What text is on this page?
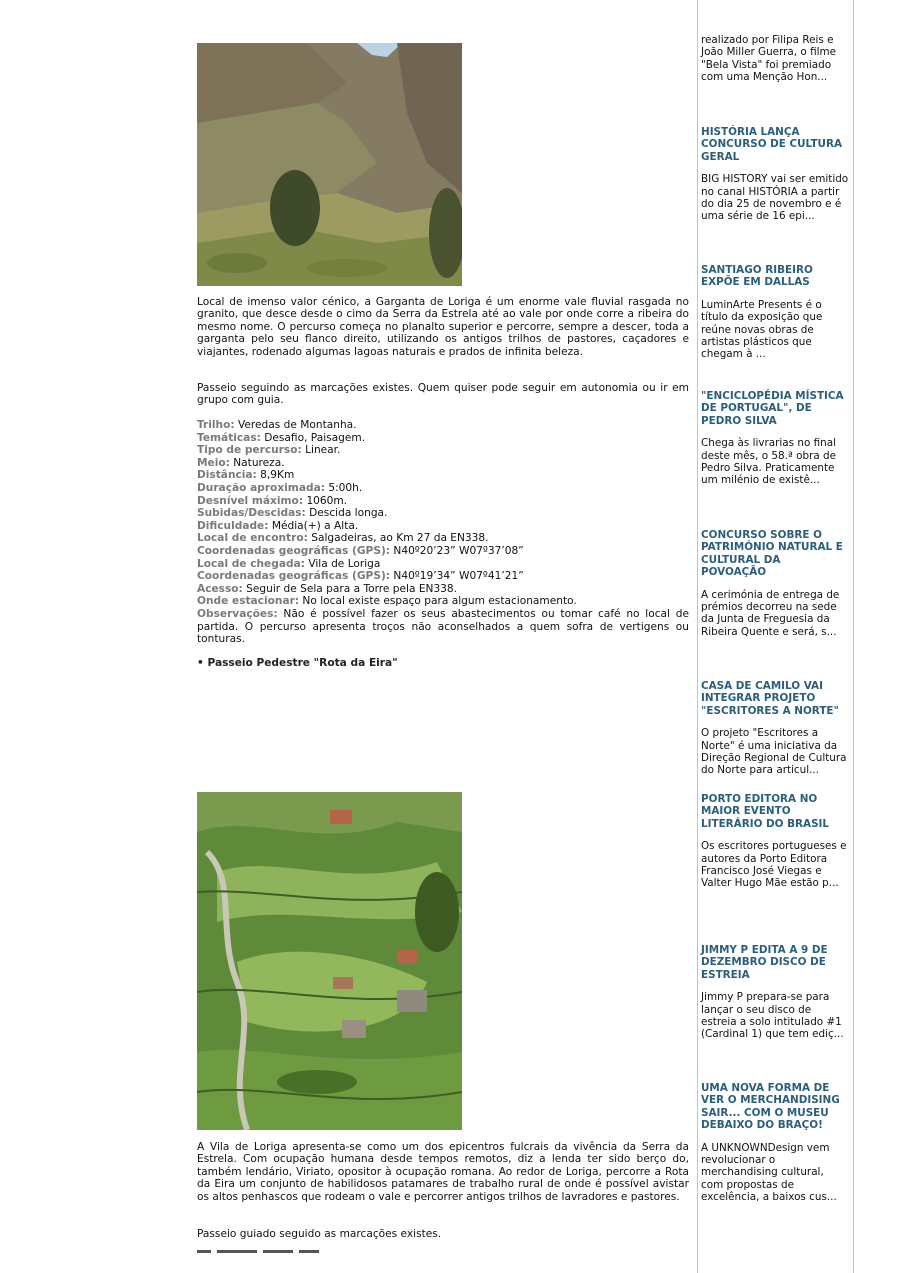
Local de imenso valor cénico, a Garganta de Loriga é um enorme vale fluvial rasgada no granito, que desce desde o cimo da Serra da Estrela até ao vale por onde corre a ribeira do mesmo nome. O percurso começa no planalto superior e percorre, sempre a descer, toda a garganta pelo seu flanco direito, utilizando os antigos trilhos de pastores, caçadores e viajantes, rodenado algumas lagoas naturais e prados de infinita beleza.

Passeio seguindo as marcações existes. Quem quiser pode seguir em autonomia ou ir em grupo com guia.

Trilho: Veredas de Montanha.
Temáticas: Desafio, Paisagem.
Tipo de percurso: Linear.
Meio: Natureza.
Distância: 8,9Km
Duração aproximada: 5:00h.
Desnível máximo: 1060m.
Subidas/Descidas: Descida longa.
Dificuldade: Média(+) a Alta.
Local de encontro: Salgadeiras, ao Km 27 da EN338.
Coordenadas geográficas (GPS): N40º20’23” W07º37’08”
Local de chegada: Vila de Loriga
Coordenadas geográficas (GPS): N40º19’34” W07º41’21”
Acesso: Seguir de Sela para a Torre pela EN338.
Onde estacionar: No local existe espaço para algum estacionamento.
Observações: Não é possível fazer os seus abastecimentos ou tomar café no local de partida. O percurso apresenta troços não aconselhados a quem sofra de vertigens ou tonturas.
• Passeio Pedestre "Rota da Eira"

A Vila de Loriga apresenta-se como um dos epicentros fulcrais da vivência da Serra da Estrela. Com ocupação humana desde tempos remotos, diz a lenda ter sido berço do, também lendário, Viriato, opositor à ocupação romana. Ao redor de Loriga, percorre a Rota da Eira um conjunto de habilidosos patamares de trabalho rural de onde é possível avistar os altos penhascos que rodeam o vale e percorrer antigos trilhos de lavradores e pastores.

Passeio guiado seguido as marcações existes.

realizado por Filipa Reis e João Miller Guerra, o filme "Bela Vista" foi premiado com uma Menção Hon...

HISTÓRIA LANÇA CONCURSO DE CULTURA GERAL

BIG HISTORY vai ser emitido no canal HISTÓRIA a partir do dia 25 de novembro e é uma série de 16 epi...

SANTIAGO RIBEIRO EXPÕE EM DALLAS

LuminArte Presents é o título da exposição que reúne novas obras de artistas plásticos que chegam à ...

"ENCICLOPÉDIA MÍSTICA DE PORTUGAL", DE PEDRO SILVA

Chega às livrarias no final deste mês, o 58.ª obra de Pedro Silva. Praticamente um milénio de existê...

CONCURSO SOBRE O PATRIMÓNIO NATURAL E CULTURAL DA POVOAÇÃO

A cerimónia de entrega de prémios decorreu na sede da Junta de Freguesia da Ribeira Quente e será, s...

CASA DE CAMILO VAI INTEGRAR PROJETO "ESCRITORES A NORTE"

O projeto "Escritores a Norte" é uma iniciativa da Direção Regional de Cultura do Norte para articul...

PORTO EDITORA NO MAIOR EVENTO LITERÁRIO DO BRASIL

Os escritores portugueses e autores da Porto Editora Francisco José Viegas e Valter Hugo Mãe estão p...

JIMMY P EDITA A 9 DE DEZEMBRO DISCO DE ESTREIA

Jimmy P prepara-se para lançar o seu disco de estreia a solo intitulado #1 (Cardinal 1) que tem ediç...

UMA NOVA FORMA DE VER O MERCHANDISING SAIR... COM O MUSEU DEBAIXO DO BRAÇO!

A UNKNOWNDesign vem revolucionar o merchandising cultural, com propostas de excelência, a baixos cus...
